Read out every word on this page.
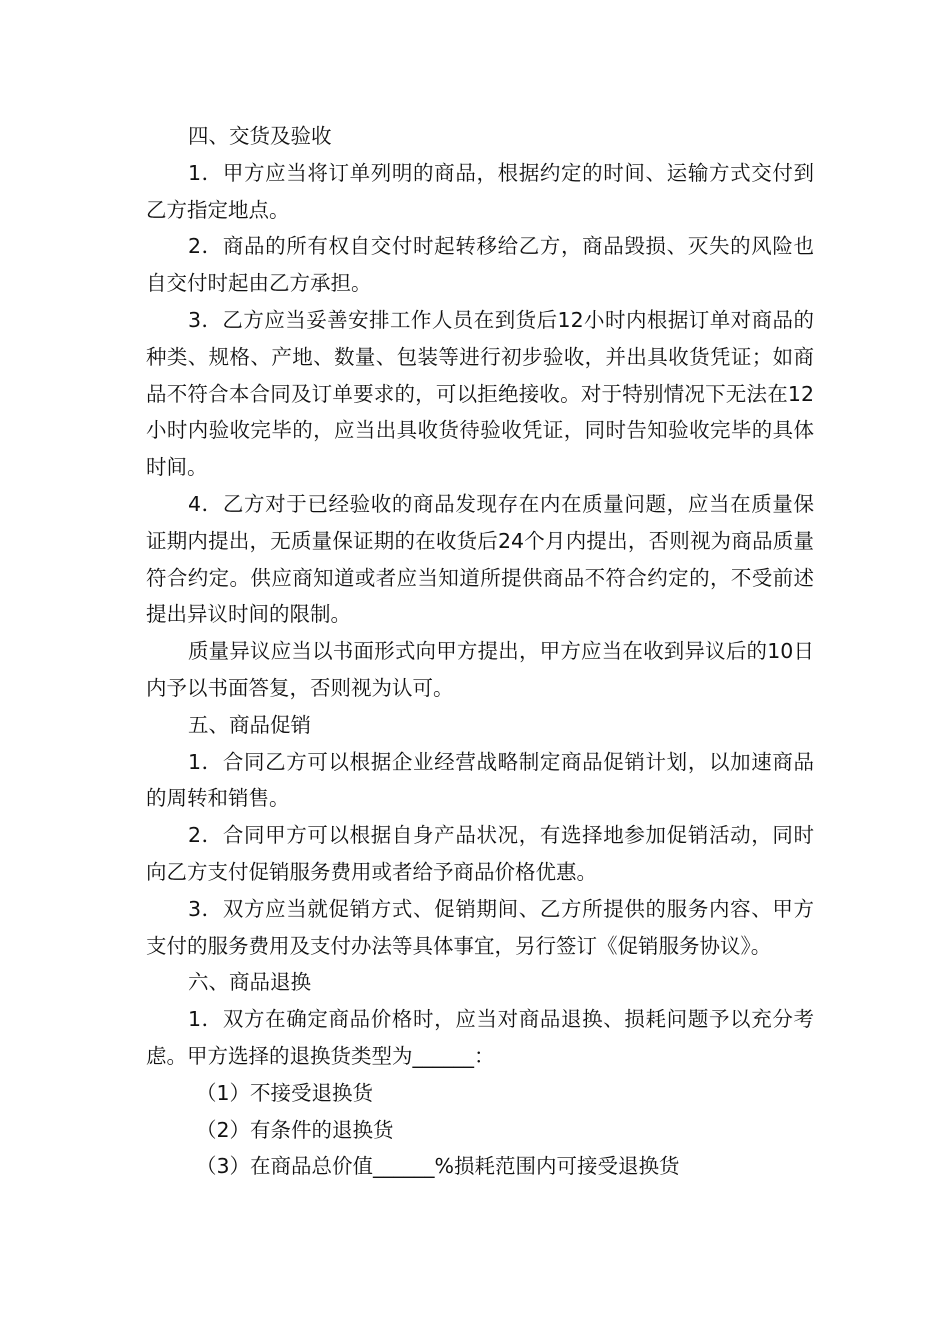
四、交货及验收

1．甲方应当将订单列明的商品，根据约定的时间、运输方式交付到乙方指定地点。

2．商品的所有权自交付时起转移给乙方，商品毁损、灭失的风险也自交付时起由乙方承担。

3．乙方应当妥善安排工作人员在到货后12小时内根据订单对商品的种类、规格、产地、数量、包装等进行初步验收，并出具收货凭证；如商品不符合本合同及订单要求的，可以拒绝接收。对于特别情况下无法在12小时内验收完毕的，应当出具收货待验收凭证，同时告知验收完毕的具体时间。

4．乙方对于已经验收的商品发现存在内在质量问题，应当在质量保证期内提出，无质量保证期的在收货后24个月内提出，否则视为商品质量符合约定。供应商知道或者应当知道所提供商品不符合约定的，不受前述提出异议时间的限制。

质量异议应当以书面形式向甲方提出，甲方应当在收到异议后的10日内予以书面答复，否则视为认可。

五、商品促销

1．合同乙方可以根据企业经营战略制定商品促销计划，以加速商品的周转和销售。

2．合同甲方可以根据自身产品状况，有选择地参加促销活动，同时向乙方支付促销服务费用或者给予商品价格优惠。

3．双方应当就促销方式、促销期间、乙方所提供的服务内容、甲方支付的服务费用及支付办法等具体事宜，另行签订《促销服务协议》。

六、商品退换

1．双方在确定商品价格时，应当对商品退换、损耗问题予以充分考虑。甲方选择的退换货类型为______：

（1）不接受退换货

（2）有条件的退换货

（3）在商品总价值______%损耗范围内可接受退换货
